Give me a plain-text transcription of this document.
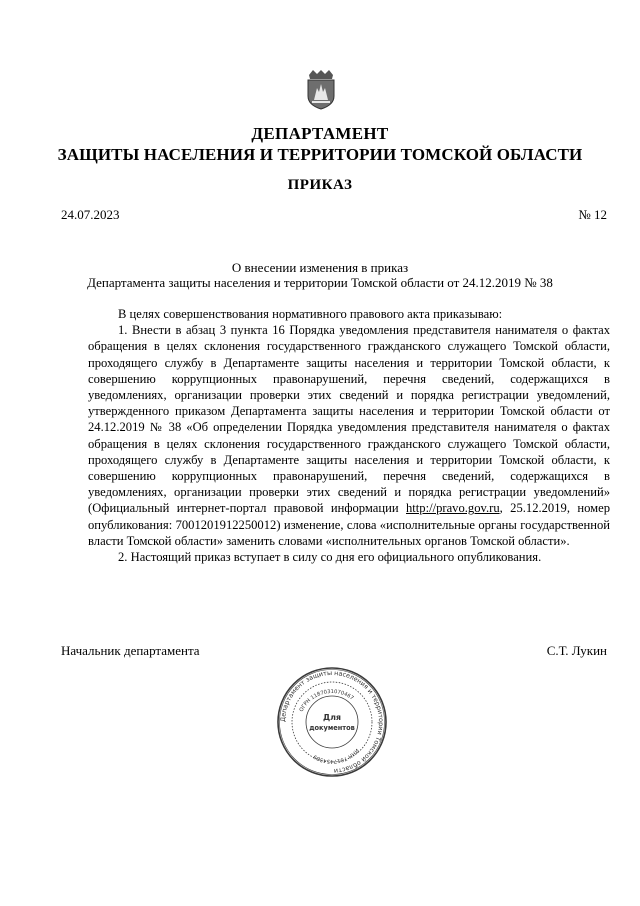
ДЕПАРТАМЕНТ
ЗАЩИТЫ НАСЕЛЕНИЯ И ТЕРРИТОРИИ ТОМСКОЙ ОБЛАСТИ
ПРИКАЗ
24.07.2023	№ 12
О внесении изменения в приказ
Департамента защиты населения и территории Томской области от 24.12.2019 № 38

В целях совершенствования нормативного правового акта приказываю:

1. Внести в абзац 3 пункта 16 Порядка уведомления представителя нанимателя о фактах обращения в целях склонения государственного гражданского служащего Томской области, проходящего службу в Департаменте защиты населения и территории Томской области, к совершению коррупционных правонарушений, перечня сведений, содержащихся в уведомлениях, организации проверки этих сведений и порядка регистрации уведомлений, утвержденного приказом Департамента защиты населения и территории Томской области от 24.12.2019 № 38 «Об определении Порядка уведомления представителя нанимателя о фактах обращения в целях склонения государственного гражданского служащего Томской области, проходящего службу в Департаменте защиты населения и территории Томской области, к совершению коррупционных правонарушений, перечня сведений, содержащихся в уведомлениях, организации проверки этих сведений и порядка регистрации уведомлений» (Официальный интернет-портал правовой информации http://pravo.gov.ru, 25.12.2019, номер опубликования: 7001201912250012) изменение, слова «исполнительные органы государственной власти Томской области» заменить словами «исполнительных органов Томской области».

2. Настоящий приказ вступает в силу со дня его официального опубликования.

Начальник департамента	С.Т. Лукин
Департамент защиты населения и территории Томской области
ОГРН 1187031070467
ИНН 7017454389
Для
документов
